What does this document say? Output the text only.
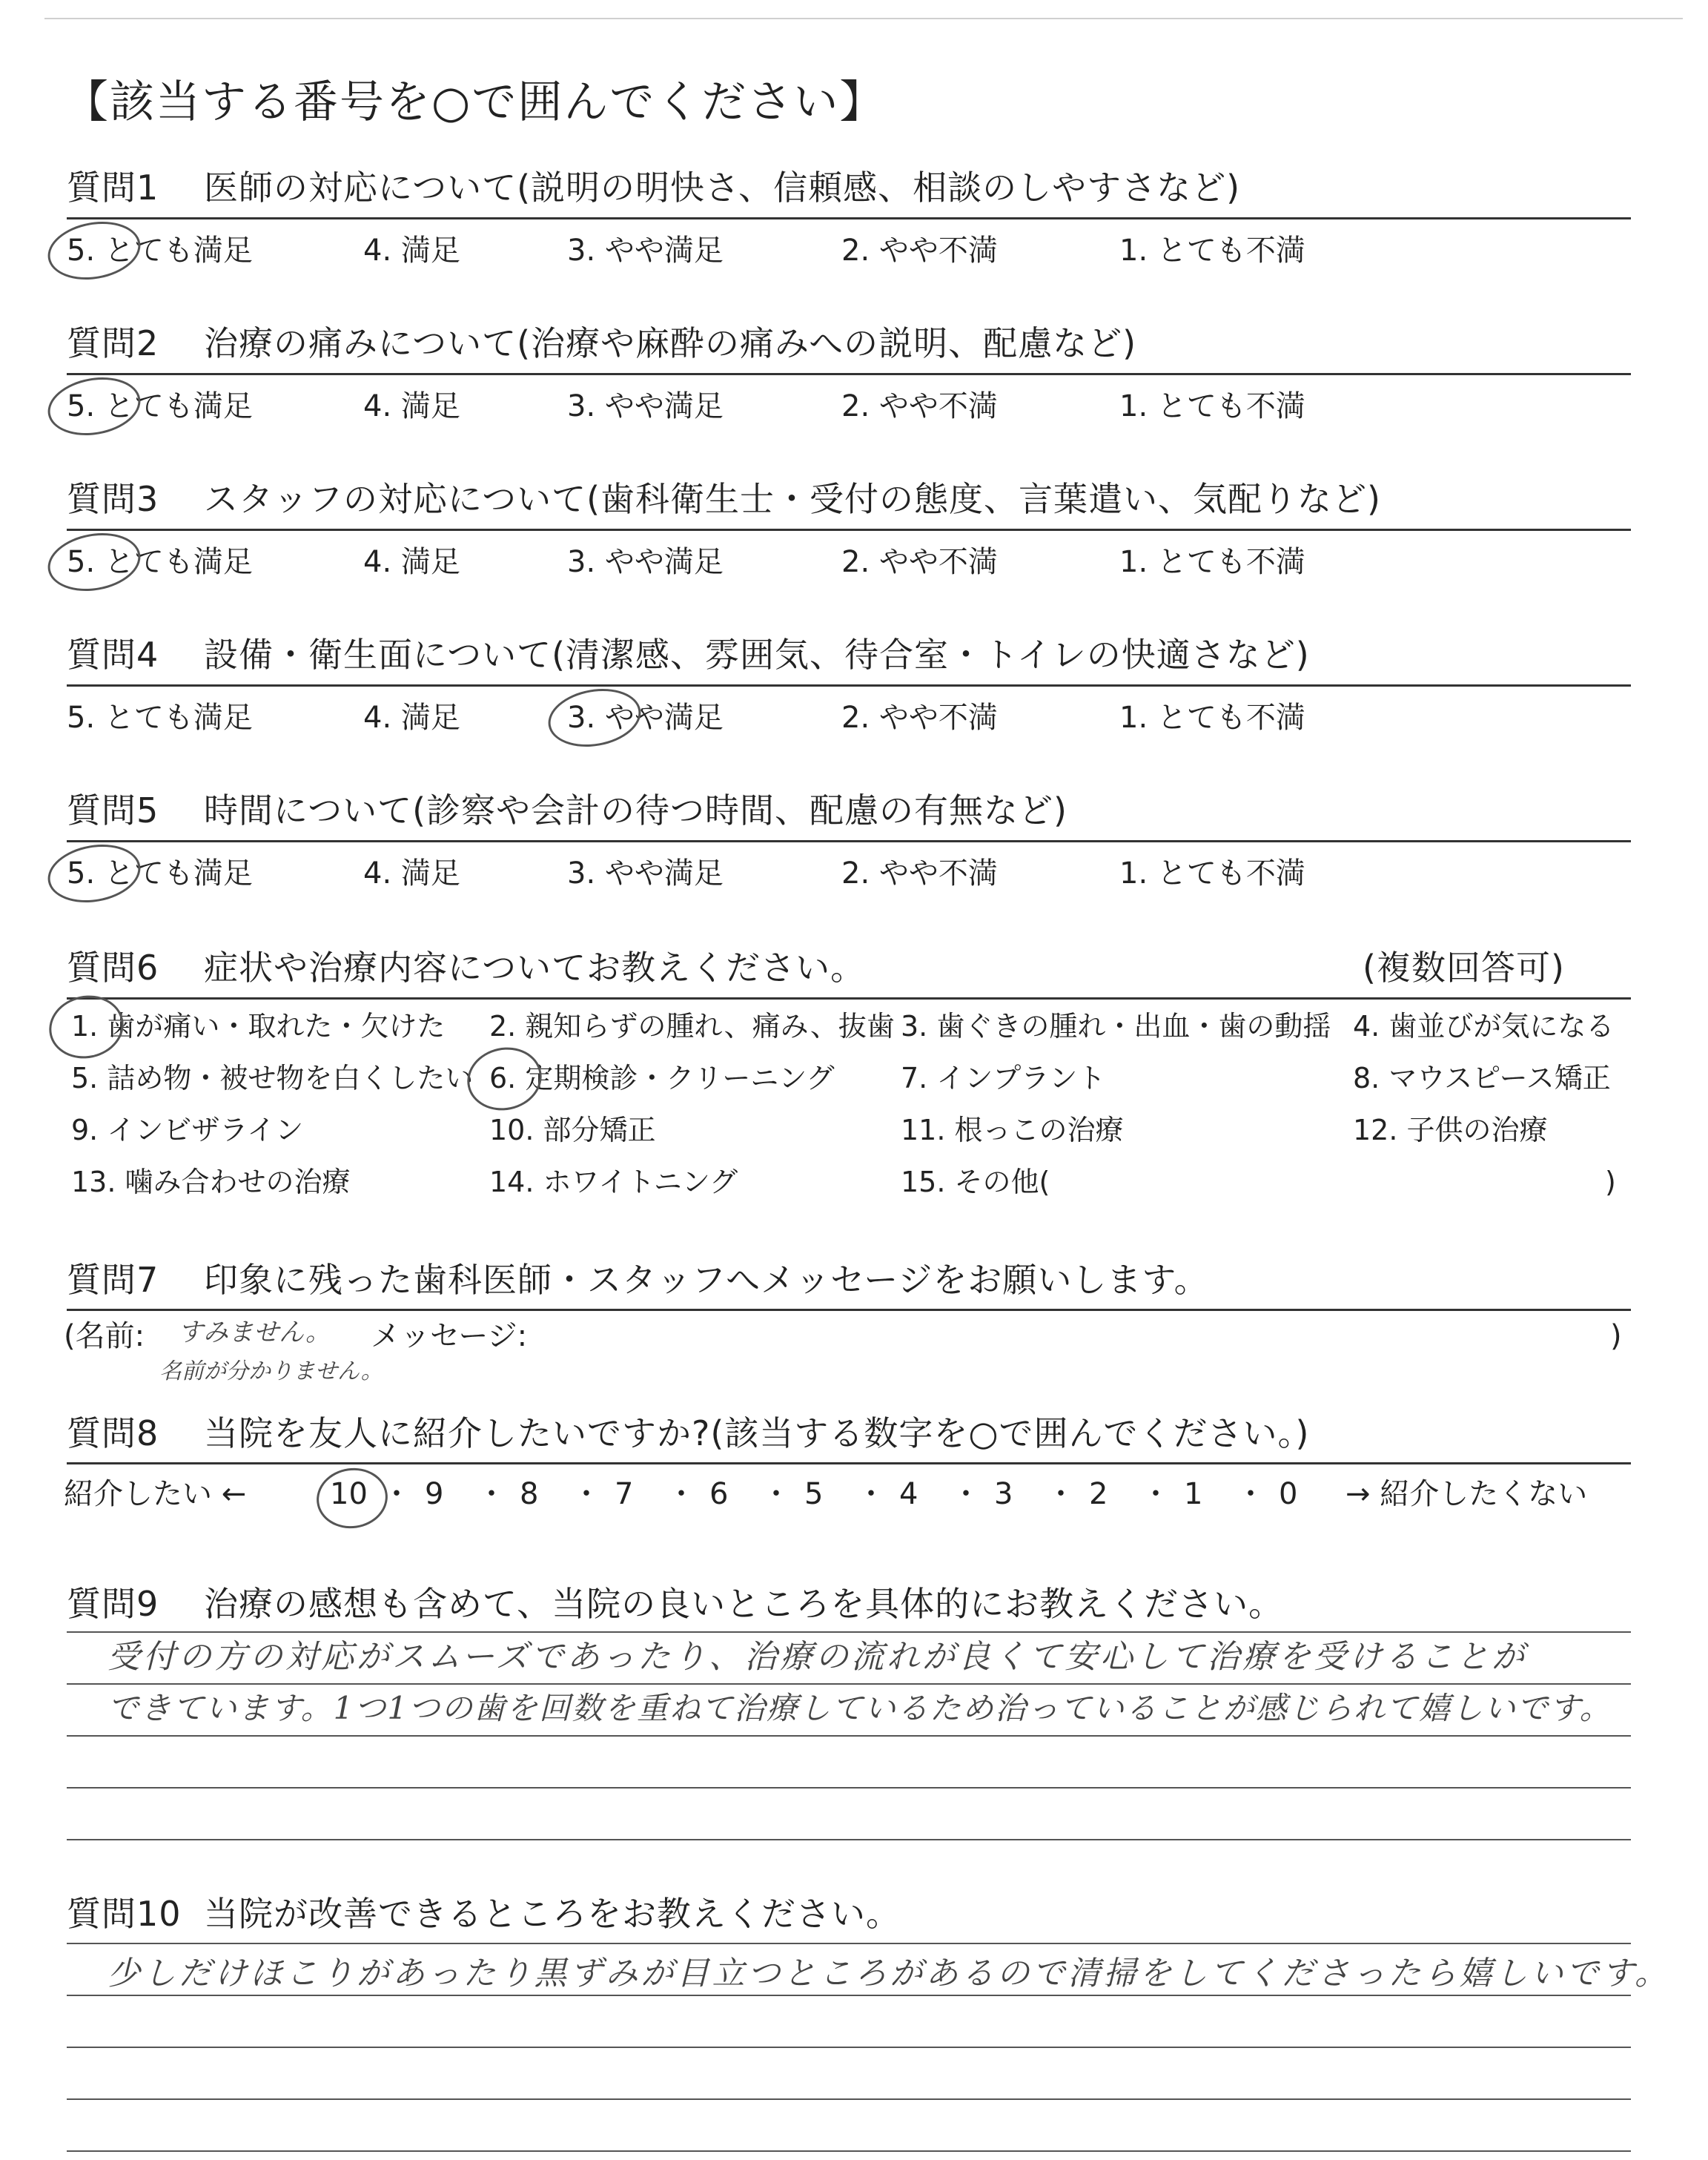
【該当する番号を○で囲んでください】
質問1 医師の対応について(説明の明快さ、信頼感、相談のしやすさなど)
5. とても満足	4. 満足	3. やや満足	2. やや不満	1. とても不満
質問2 治療の痛みについて(治療や麻酔の痛みへの説明、配慮など)
5. とても満足	4. 満足	3. やや満足	2. やや不満	1. とても不満
質問3 スタッフの対応について(歯科衛生士・受付の態度、言葉遣い、気配りなど)
5. とても満足	4. 満足	3. やや満足	2. やや不満	1. とても不満
質問4 設備・衛生面について(清潔感、雰囲気、待合室・トイレの快適さなど)
5. とても満足	4. 満足	3. やや満足	2. やや不満	1. とても不満
質問5 時間について(診察や会計の待つ時間、配慮の有無など)
5. とても満足	4. 満足	3. やや満足	2. やや不満	1. とても不満
質問6 症状や治療内容についてお教えください。	(複数回答可)
1. 歯が痛い・取れた・欠けた 2. 親知らずの腫れ、痛み、抜歯 3. 歯ぐきの腫れ・出血・歯の動揺 4. 歯並びが気になる
5. 詰め物・被せ物を白くしたい 6. 定期検診・クリーニング 7. インプラント	8. マウスピース矯正
9. インビザライン	10. 部分矯正	11. 根っこの治療	12. 子供の治療
13. 噛み合わせの治療	14. ホワイトニング	15. その他(	)
質問7 印象に残った歯科医師・スタッフへメッセージをお願いします。
(名前: すみません。
名前が分かりません。
メッセージ:	)
質問8 当院を友人に紹介したいですか?(該当する数字を○で囲んでください。)
紹介したい ←	→ 紹介したくない
10 ・ 9 ・ 8 ・ 7 ・ 6 ・ 5 ・ 4 ・ 3 ・ 2 ・ 1 ・ 0
質問9 治療の感想も含めて、当院の良いところを具体的にお教えください。
受付の方の対応がスムーズであったり、治療の流れが良くて安心して治療を受けることが
できています。1つ1つの歯を回数を重ねて治療しているため治っていることが感じられて嬉しいです。
質問10 当院が改善できるところをお教えください。
少しだけほこりがあったり黒ずみが目立つところがあるので清掃をしてくださったら嬉しいです。
